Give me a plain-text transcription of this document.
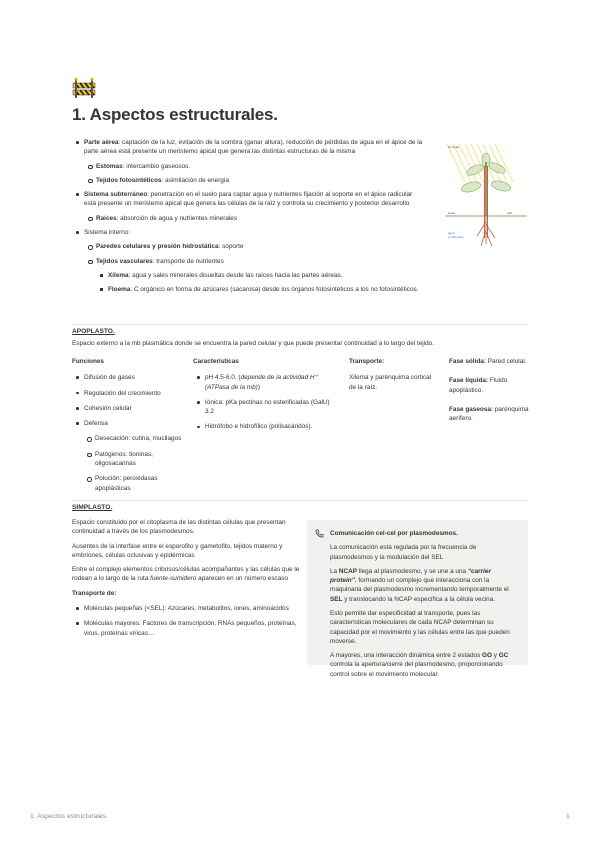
1. Aspectos estructurales.
Parte aérea: captación de la luz, evitación de la sombra (ganar altura), reducción de pérdidas de agua en el ápice de la parte aérea está presente un meristemo apical que genera las distintas estructuras de la misma
Estomas: intercambio gaseosos.
Tejidos fotosintéticos: asimilación de energía
Sistema subterráneo: penetración en el suelo para captar agua y nutrientes fijación al soporte en el ápice radicular está presente un meristemo apical que genera las células de la raíz y controla su crecimiento y posterior desarrollo
Raíces: absorción de agua y nutrientes minerales
Sistema interno:
Paredes celulares y presión hidrostática: soporte
Tejidos vasculares: transporte de nutrientes
Xilema: agua y sales minerales disueltas desde las raíces hacia las partes aéreas.
Floema: C orgánico en forma de azúcares (sacarosa) desde los órganos fotosintéticos a los no fotosintéticos.
luz solar
suelo	raíz
agua
y nutrientes
APOPLASTO.
Espacio externo a la mb plasmática donde se encuentra la pared celular y que puede presentar continuidad a lo largo del tejido.
Funciones
Difusión de gases
Regulación del crecimiento
Cohesión celular
Defensa
Desecación: cutina, mucilagos
Patógenos: tioninas, oligosacarinas
Polución: peroxidasas apoplásticas
Características
pH 4.5-6.0. (depende de la actividad H⁺ (ATPasa de la mb))
Iónica: pKa pectinas no esterificadas (GalU) 3.2
Hidrófobo e hidrofílico (polisacáridos).
Transporte:
Xilema y parénquima cortical de la raíz.
Fase sólida: Pared celular.
Fase líquida: Fluido apoplástico.
Fase gaseosa: parénquima aerífero.
SIMPLASTO.

Espacio constituido por el citoplasma de las distintas células que presentan continuidad a través de los plasmodesmos.

Ausentes de la interfase entre el esporofito y gametofito, tejidos materno y embriones, células oclusivas y epidérmicas

Entre el complejo elementos cribosos/células acompañantes y las células que le rodean a lo largo de la ruta fuente-sumidero aparecen en un número escaso

Transporte de:

Moléculas pequeñas (<SEL): Azúcares, metabolitos, iones, aminoácidos
Moléculas mayores: Factores de transcripción, RNAs pequeños, proteínas, virus, proteínas víricas…
Comunicación cel-cel por plasmodesmos.

La comunicación está regulada por la frecuencia de plasmodesmos y la modulación del SEL

La NCAP llega al plasmodesmo, y se une a una “carrier protein”, formando un complejo que interacciona con la maquinaria del plasmodesmo incrementando temporalmente el SEL y translocando la NCAP específica a la célula vecina.

Esto permite dar especificidad al transporte, pues las características moleculares de cada NCAP determinan su capacidad por el movimiento y las células entre las que pueden moverse.

A mayores, una interacción dinámica entre 2 estados GO y GC controla la apertura/cierre del plasmodesmo, proporcionando control sobre el movimiento molecular.

1. Aspectos estructurales.	1
